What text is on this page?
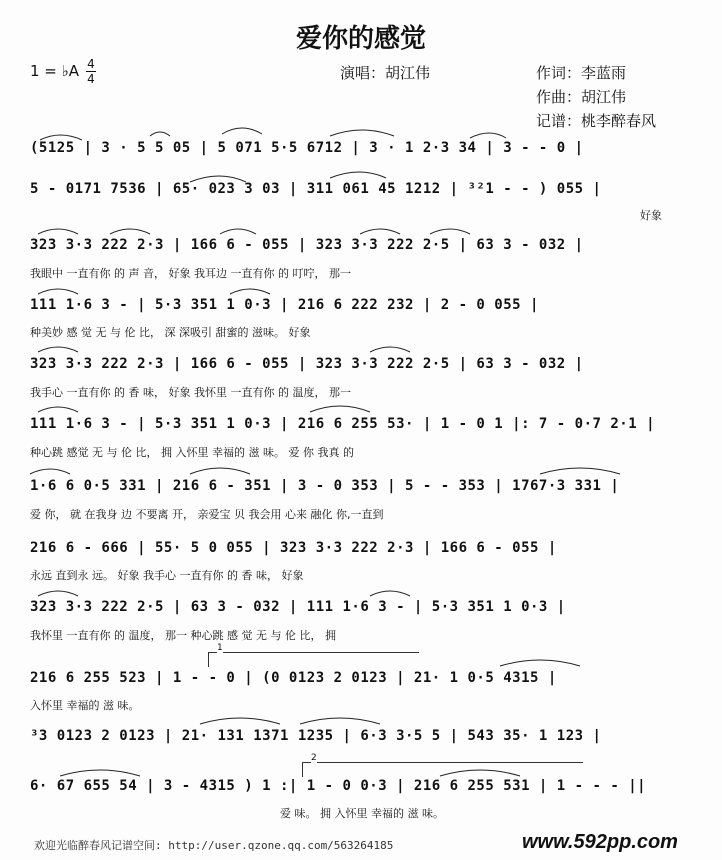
爱你的感觉
1 = ♭A 4
4	演唱：胡江伟	作词：李蓝雨
作曲：胡江伟
记谱：桃李醉春风
(5125 | 3 · 5 5 05 | 5 071 5·5 6712 | 3 · 1 2·3 34 | 3 - - 0 |
5 - 0171 7536 | 65· 023 3 03 | 311 061 45 1212 | ³²1 - - ) 055 |
好象
323 3·3 222 2·3 | 166 6 - 055 | 323 3·3 222 2·5 | 63 3 - 032 |
我眼中 一直有你 的 声 音， 好象 我耳边 一直有你 的 叮咛， 那一
111 1·6 3 - | 5·3 351 1 0·3 | 216 6 222 232 | 2 - 0 055 |
种美妙 感 觉 无 与 伦 比， 深 深吸引 甜蜜的 滋味。 好象
323 3·3 222 2·3 | 166 6 - 055 | 323 3·3 222 2·5 | 63 3 - 032 |
我手心 一直有你 的 香 味， 好象 我怀里 一直有你 的 温度， 那一
111 1·6 3 - | 5·3 351 1 0·3 | 216 6 255 53· | 1 - 0 1 |: 7 - 0·7 2·1 |
种心跳 感觉 无 与 伦 比， 拥 入怀里 幸福的 滋 味。 爱 你 我真 的
1·6 6 0·5 331 | 216 6 - 351 | 3 - 0 353 | 5 - - 353 | 1767·3 331 |
爱 你， 就 在我身 边 不要离 开， 亲爱宝 贝 我会用 心来 融化 你,一直到
216 6 - 666 | 55· 5 0 055 | 323 3·3 222 2·3 | 166 6 - 055 |
永远 直到永 远。 好象 我手心 一直有你 的 香 味， 好象
323 3·3 222 2·5 | 63 3 - 032 | 111 1·6 3 - | 5·3 351 1 0·3 |
我怀里 一直有你 的 温度， 那一 种心跳 感 觉 无 与 伦 比， 拥
1
216 6 255 523 | 1 - - 0 | (0 0123 2 0123 | 21· 1 0·5 4315 |
入怀里 幸福的 滋 味。
³3 0123 2 0123 | 21· 131 1371 1235 | 6·3 3·5 5 | 543 35· 1 123 |
2
6· 67 655 54 | 3 - 4315 ) 1 :| 1 - 0 0·3 | 216 6 255 531 | 1 - - - ||
爱 味。 拥 入怀里 幸福的 滋 味。
欢迎光临醉春风记谱空间: http://user.qzone.qq.com/563264185	www.592pp.com
